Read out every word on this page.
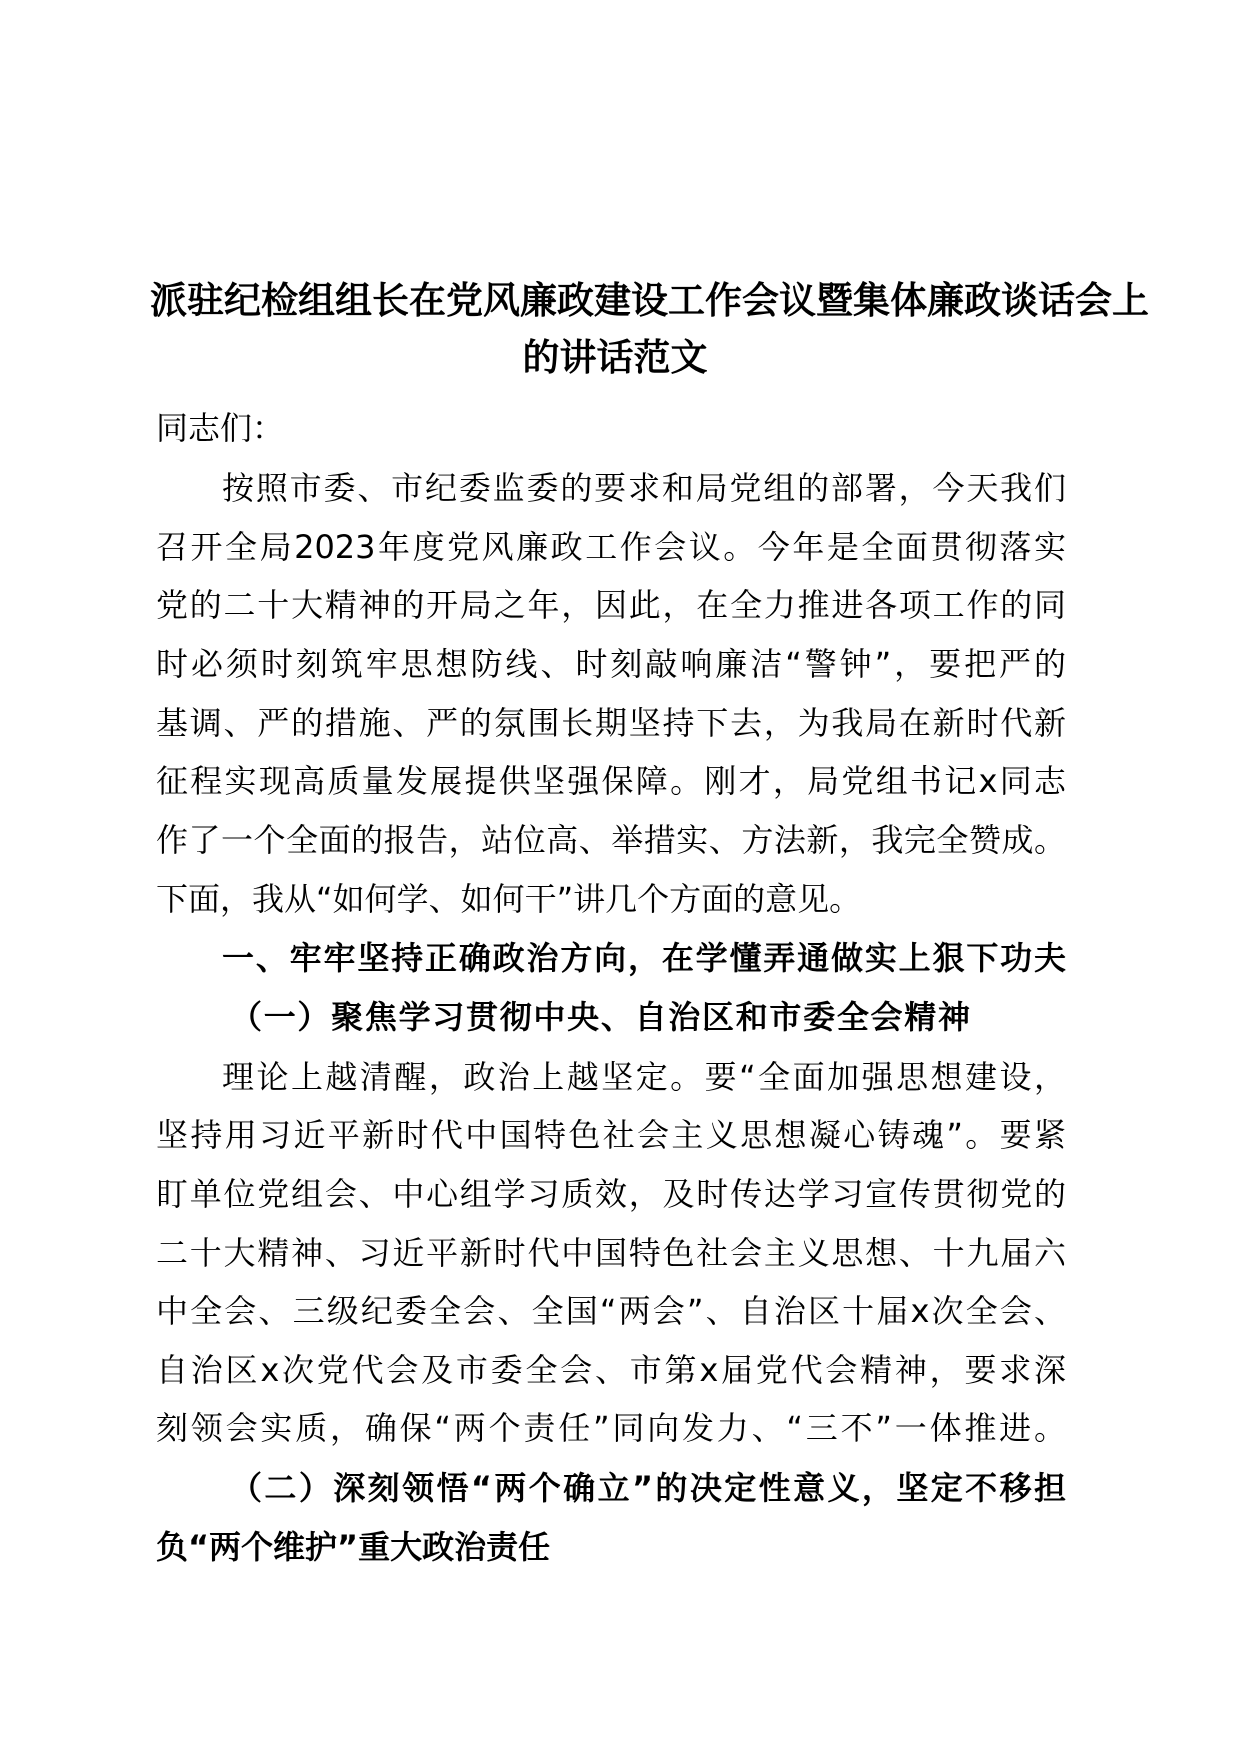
派驻纪检组组长在党风廉政建设工作会议暨集体廉政谈话会上
的讲话范文
同志们：
按照市委、市纪委监委的要求和局党组的部署，今天我们
召开全局2023年度党风廉政工作会议。今年是全面贯彻落实
党的二十大精神的开局之年，因此，在全力推进各项工作的同
时必须时刻筑牢思想防线、时刻敲响廉洁“警钟”，要把严的
基调、严的措施、严的氛围长期坚持下去，为我局在新时代新
征程实现高质量发展提供坚强保障。刚才，局党组书记x同志
作了一个全面的报告，站位高、举措实、方法新，我完全赞成。
下面，我从“如何学、如何干”讲几个方面的意见。
一、牢牢坚持正确政治方向，在学懂弄通做实上狠下功夫
（一）聚焦学习贯彻中央、自治区和市委全会精神
理论上越清醒，政治上越坚定。要“全面加强思想建设，
坚持用习近平新时代中国特色社会主义思想凝心铸魂”。要紧
盯单位党组会、中心组学习质效，及时传达学习宣传贯彻党的
二十大精神、习近平新时代中国特色社会主义思想、十九届六
中全会、三级纪委全会、全国“两会”、自治区十届x次全会、
自治区x次党代会及市委全会、市第x届党代会精神，要求深
刻领会实质，确保“两个责任”同向发力、“三不”一体推进。
（二）深刻领悟“两个确立”的决定性意义，坚定不移担
负“两个维护”重大政治责任
